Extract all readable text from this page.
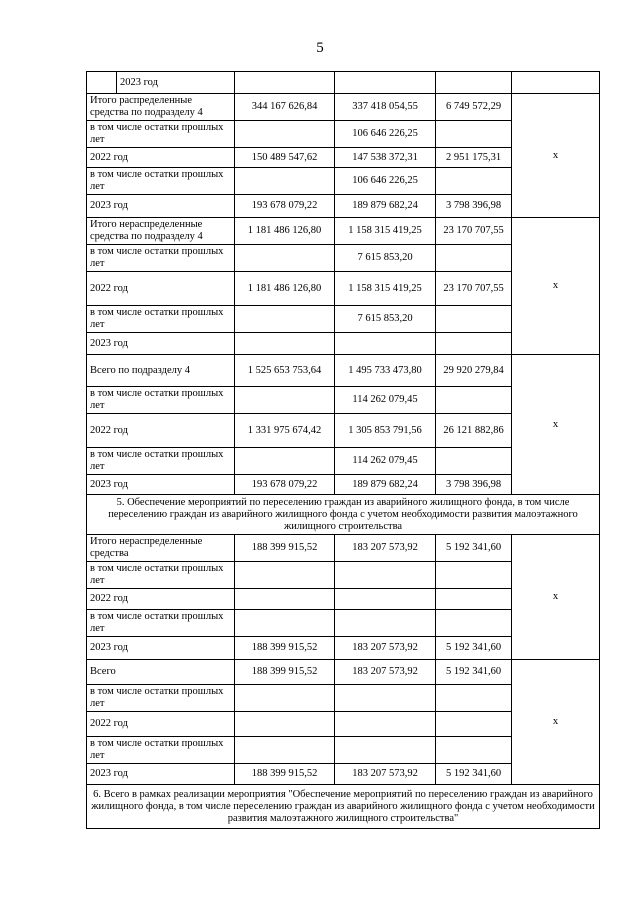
5
	2023 год				
Итого распределенные средства по подразделу 4		344 167 626,84	337 418 054,55	6 749 572,29	х
в том числе остатки прошлых лет			106 646 226,25		
2022 год		150 489 547,62	147 538 372,31	2 951 175,31	
в том числе остатки прошлых лет			106 646 226,25		
2023 год		193 678 079,22	189 879 682,24	3 798 396,98	
Итого нераспределенные средства по подразделу 4		1 181 486 126,80	1 158 315 419,25	23 170 707,55	х
в том числе остатки прошлых лет			7 615 853,20		
2022 год		1 181 486 126,80	1 158 315 419,25	23 170 707,55	
в том числе остатки прошлых лет			7 615 853,20		
2023 год					
Всего по подразделу 4		1 525 653 753,64	1 495 733 473,80	29 920 279,84	х
в том числе остатки прошлых лет			114 262 079,45		
2022 год		1 331 975 674,42	1 305 853 791,56	26 121 882,86	
в том числе остатки прошлых лет			114 262 079,45		
2023 год		193 678 079,22	189 879 682,24	3 798 396,98	
5. Обеспечение мероприятий по переселению граждан из аварийного жилищного фонда, в том числе переселению граждан из аварийного жилищного фонда с учетом необходимости развития малоэтажного жилищного строительства					
Итого нераспределенные средства		188 399 915,52	183 207 573,92	5 192 341,60	х
в том числе остатки прошлых лет					
2022 год					
в том числе остатки прошлых лет					
2023 год		188 399 915,52	183 207 573,92	5 192 341,60	
Всего		188 399 915,52	183 207 573,92	5 192 341,60	х
в том числе остатки прошлых лет					
2022 год					
в том числе остатки прошлых лет					
2023 год		188 399 915,52	183 207 573,92	5 192 341,60	
6. Всего в рамках реализации мероприятия "Обеспечение мероприятий по переселению граждан из аварийного жилищного фонда, в том числе переселению граждан из аварийного жилищного фонда с учетом необходимости развития малоэтажного жилищного строительства"					
